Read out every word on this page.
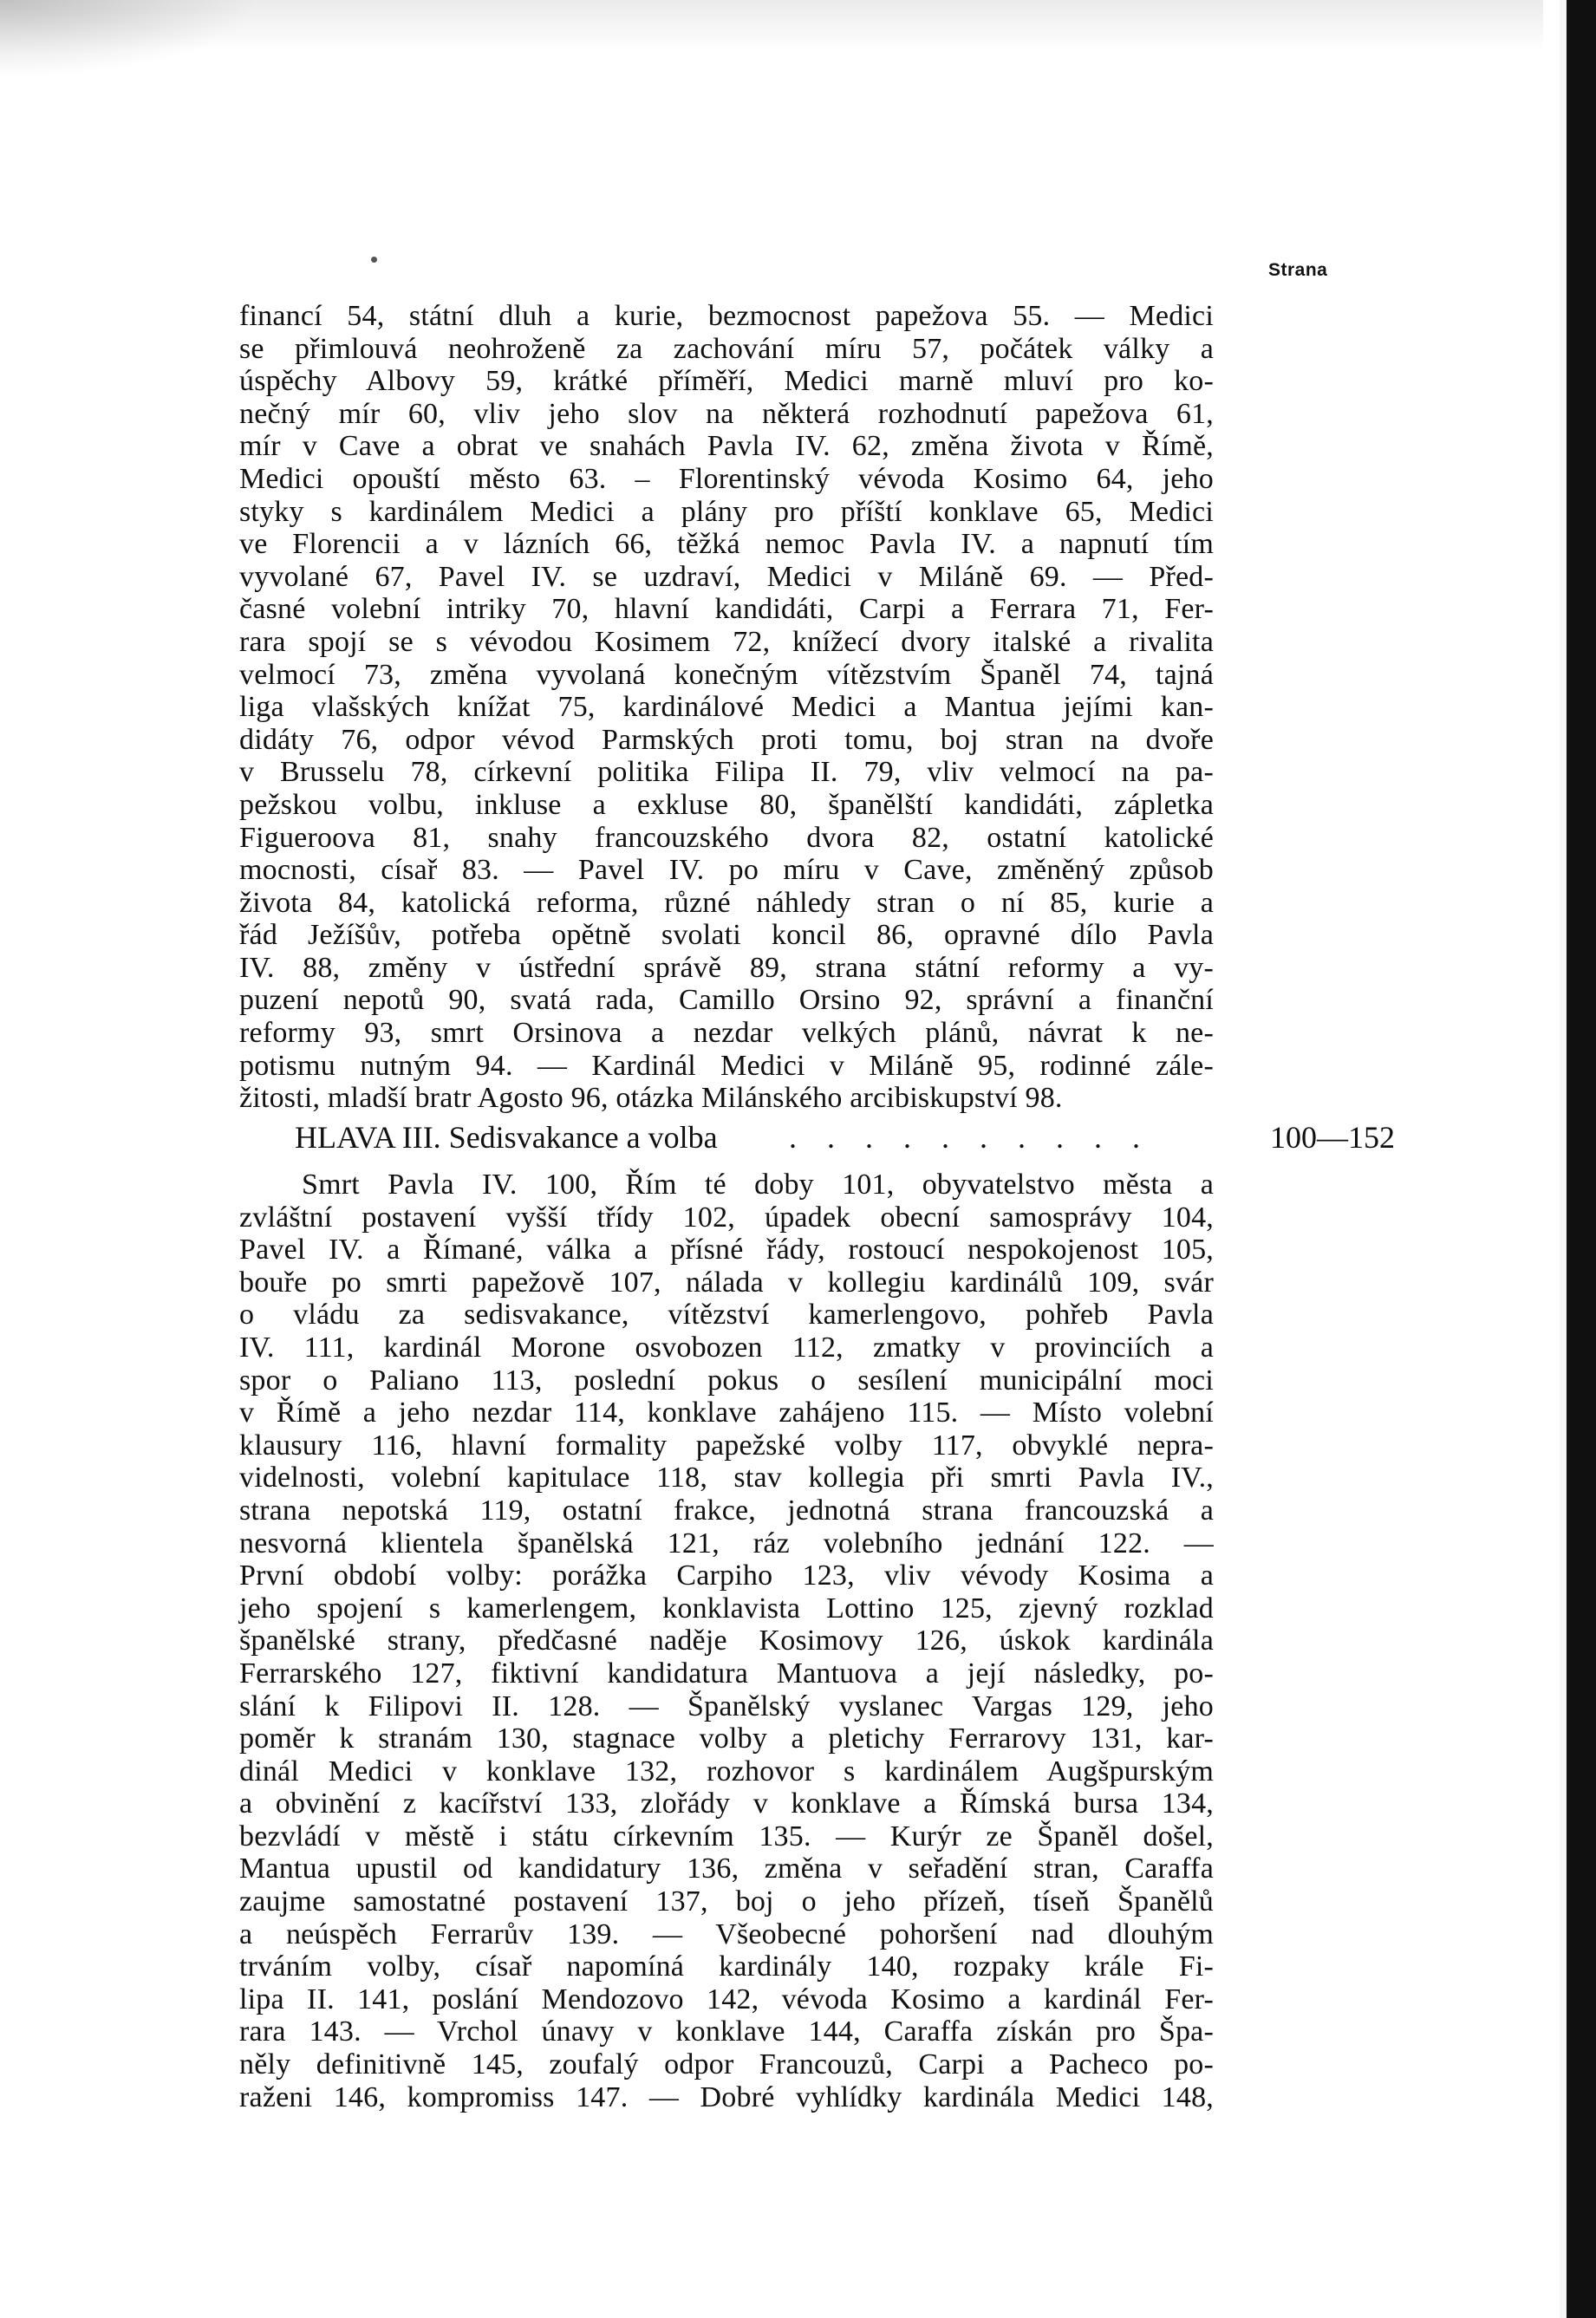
Strana
financí 54, státní dluh a kurie, bezmocnost papežova 55. — Medici
se přimlouvá neohroženě za zachování míru 57, počátek války a
úspěchy Albovy 59, krátké příměří, Medici marně mluví pro ko-
nečný mír 60, vliv jeho slov na některá rozhodnutí papežova 61,
mír v Cave a obrat ve snahách Pavla IV. 62, změna života v Římě,
Medici opouští město 63. – Florentinský vévoda Kosimo 64, jeho
styky s kardinálem Medici a plány pro příští konklave 65, Medici
ve Florencii a v lázních 66, těžká nemoc Pavla IV. a napnutí tím
vyvolané 67, Pavel IV. se uzdraví, Medici v Miláně 69. — Před-
časné volební intriky 70, hlavní kandidáti, Carpi a Ferrara 71, Fer-
rara spojí se s vévodou Kosimem 72, knížecí dvory italské a rivalita
velmocí 73, změna vyvolaná konečným vítězstvím Španěl 74, tajná
liga vlašských knížat 75, kardinálové Medici a Mantua jejími kan-
didáty 76, odpor vévod Parmských proti tomu, boj stran na dvoře
v Brusselu 78, církevní politika Filipa II. 79, vliv velmocí na pa-
pežskou volbu, inkluse a exkluse 80, španělští kandidáti, zápletka
Figueroova 81, snahy francouzského dvora 82, ostatní katolické
mocnosti, císař 83. — Pavel IV. po míru v Cave, změněný způsob
života 84, katolická reforma, různé náhledy stran o ní 85, kurie a
řád Ježíšův, potřeba opětně svolati koncil 86, opravné dílo Pavla
IV. 88, změny v ústřední správě 89, strana státní reformy a vy-
puzení nepotů 90, svatá rada, Camillo Orsino 92, správní a finanční
reformy 93, smrt Orsinova a nezdar velkých plánů, návrat k ne-
potismu nutným 94. — Kardinál Medici v Miláně 95, rodinné zále-
žitosti, mladší bratr Agosto 96, otázka Milánského arcibiskupství 98.
HLAVA III. Sedisvakance a volba . . . . . . . . . .	100—152
Smrt Pavla IV. 100, Řím té doby 101, obyvatelstvo města a
zvláštní postavení vyšší třídy 102, úpadek obecní samosprávy 104,
Pavel IV. a Římané, válka a přísné řády, rostoucí nespokojenost 105,
bouře po smrti papežově 107, nálada v kollegiu kardinálů 109, svár
o vládu za sedisvakance, vítězství kamerlengovo, pohřeb Pavla
IV. 111, kardinál Morone osvobozen 112, zmatky v provinciích a
spor o Paliano 113, poslední pokus o sesílení municipální moci
v Římě a jeho nezdar 114, konklave zahájeno 115. — Místo volební
klausury 116, hlavní formality papežské volby 117, obvyklé nepra-
videlnosti, volební kapitulace 118, stav kollegia při smrti Pavla IV.,
strana nepotská 119, ostatní frakce, jednotná strana francouzská a
nesvorná klientela španělská 121, ráz volebního jednání 122. —
První období volby: porážka Carpiho 123, vliv vévody Kosima a
jeho spojení s kamerlengem, konklavista Lottino 125, zjevný rozklad
španělské strany, předčasné naděje Kosimovy 126, úskok kardinála
Ferrarského 127, fiktivní kandidatura Mantuova a její následky, po-
slání k Filipovi II. 128. — Španělský vyslanec Vargas 129, jeho
poměr k stranám 130, stagnace volby a pletichy Ferrarovy 131, kar-
dinál Medici v konklave 132, rozhovor s kardinálem Augšpurským
a obvinění z kacířství 133, zlořády v konklave a Římská bursa 134,
bezvládí v městě i státu církevním 135. — Kurýr ze Španěl došel,
Mantua upustil od kandidatury 136, změna v seřadění stran, Caraffa
zaujme samostatné postavení 137, boj o jeho přízeň, tíseň Španělů
a neúspěch Ferrarův 139. — Všeobecné pohoršení nad dlouhým
trváním volby, císař napomíná kardinály 140, rozpaky krále Fi-
lipa II. 141, poslání Mendozovo 142, vévoda Kosimo a kardinál Fer-
rara 143. — Vrchol únavy v konklave 144, Caraffa získán pro Špa-
něly definitivně 145, zoufalý odpor Francouzů, Carpi a Pacheco po-
raženi 146, kompromiss 147. — Dobré vyhlídky kardinála Medici 148,
